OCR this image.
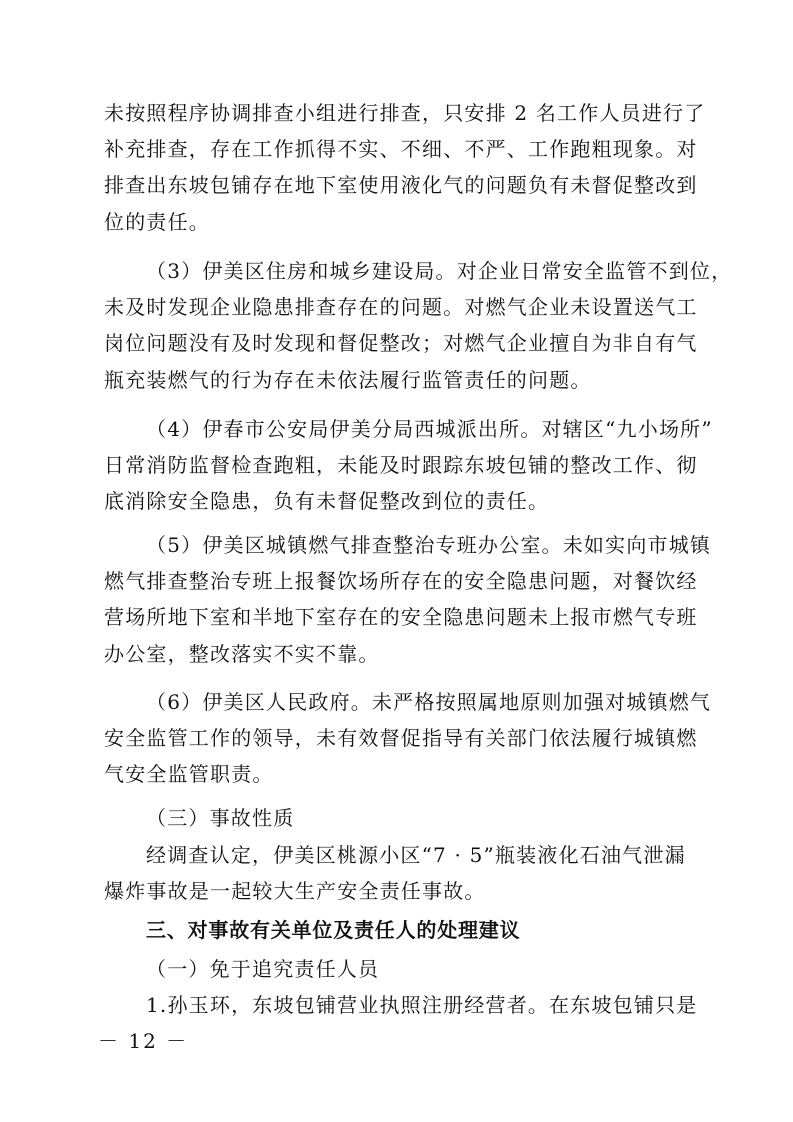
未按照程序协调排查小组进行排查，只安排 2 名工作人员进行了
补充排查，存在工作抓得不实、不细、不严、工作跑粗现象。对
排查出东坡包铺存在地下室使用液化气的问题负有未督促整改到
位的责任。
（3）伊美区住房和城乡建设局。对企业日常安全监管不到位，
未及时发现企业隐患排查存在的问题。对燃气企业未设置送气工
岗位问题没有及时发现和督促整改；对燃气企业擅自为非自有气
瓶充装燃气的行为存在未依法履行监管责任的问题。
（4）伊春市公安局伊美分局西城派出所。对辖区“九小场所”
日常消防监督检查跑粗，未能及时跟踪东坡包铺的整改工作、彻
底消除安全隐患，负有未督促整改到位的责任。
（5）伊美区城镇燃气排查整治专班办公室。未如实向市城镇
燃气排查整治专班上报餐饮场所存在的安全隐患问题，对餐饮经
营场所地下室和半地下室存在的安全隐患问题未上报市燃气专班
办公室，整改落实不实不靠。
（6）伊美区人民政府。未严格按照属地原则加强对城镇燃气
安全监管工作的领导，未有效督促指导有关部门依法履行城镇燃
气安全监管职责。
（三）事故性质
经调查认定，伊美区桃源小区“7 · 5”瓶装液化石油气泄漏
爆炸事故是一起较大生产安全责任事故。
三、对事故有关单位及责任人的处理建议
（一）免于追究责任人员
1.孙玉环，东坡包铺营业执照注册经营者。在东坡包铺只是
－ 12 －
